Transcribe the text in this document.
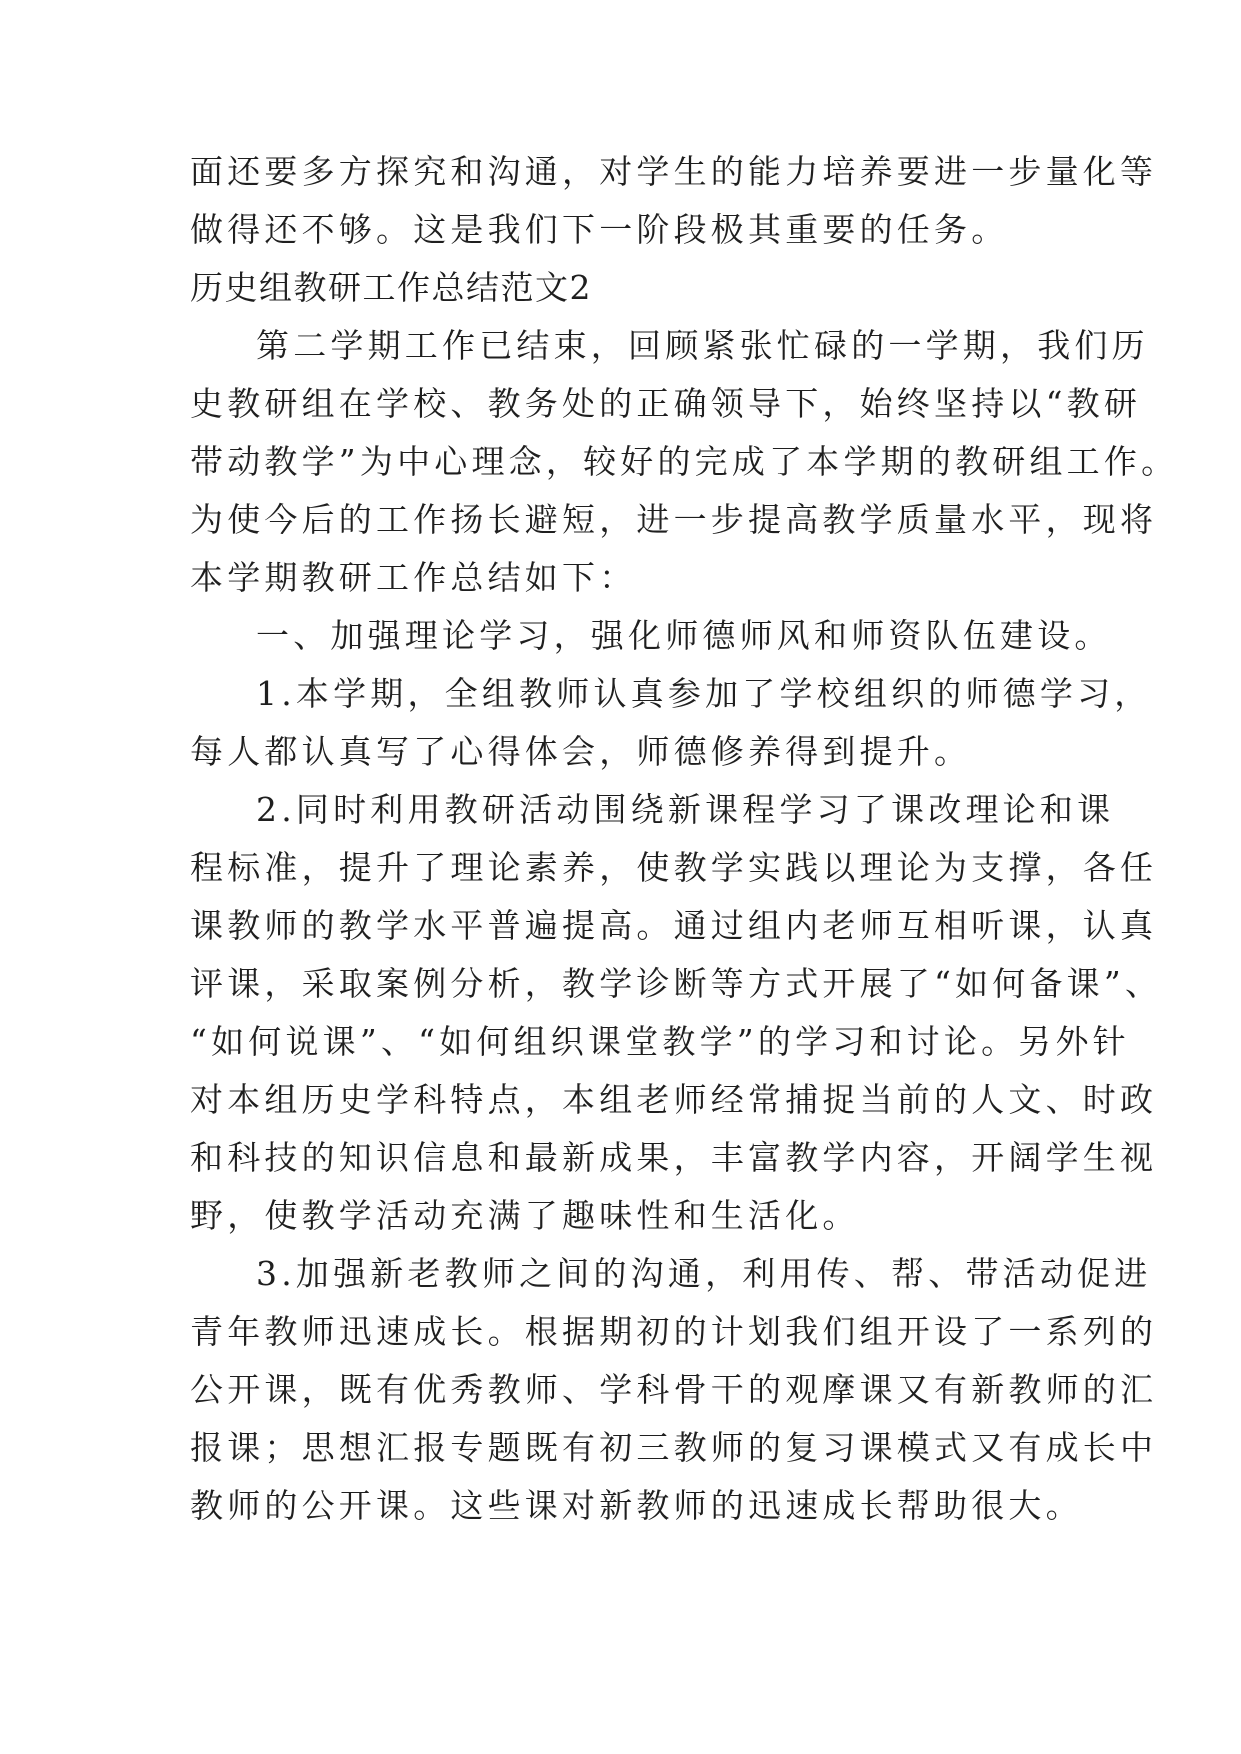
面还要多方探究和沟通，对学生的能力培养要进一步量化等

做得还不够。这是我们下一阶段极其重要的任务。

历史组教研工作总结范文2

第二学期工作已结束，回顾紧张忙碌的一学期，我们历

史教研组在学校、教务处的正确领导下，始终坚持以“教研

带动教学”为中心理念，较好的完成了本学期的教研组工作。

为使今后的工作扬长避短，进一步提高教学质量水平，现将

本学期教研工作总结如下：

一、加强理论学习，强化师德师风和师资队伍建设。

1.本学期，全组教师认真参加了学校组织的师德学习，

每人都认真写了心得体会，师德修养得到提升。

2.同时利用教研活动围绕新课程学习了课改理论和课

程标准，提升了理论素养，使教学实践以理论为支撑，各任

课教师的教学水平普遍提高。通过组内老师互相听课，认真

评课，采取案例分析，教学诊断等方式开展了“如何备课”、

“如何说课”、“如何组织课堂教学”的学习和讨论。另外针

对本组历史学科特点，本组老师经常捕捉当前的人文、时政

和科技的知识信息和最新成果，丰富教学内容，开阔学生视

野，使教学活动充满了趣味性和生活化。

3.加强新老教师之间的沟通，利用传、帮、带活动促进

青年教师迅速成长。根据期初的计划我们组开设了一系列的

公开课，既有优秀教师、学科骨干的观摩课又有新教师的汇

报课；思想汇报专题既有初三教师的复习课模式又有成长中

教师的公开课。这些课对新教师的迅速成长帮助很大。
